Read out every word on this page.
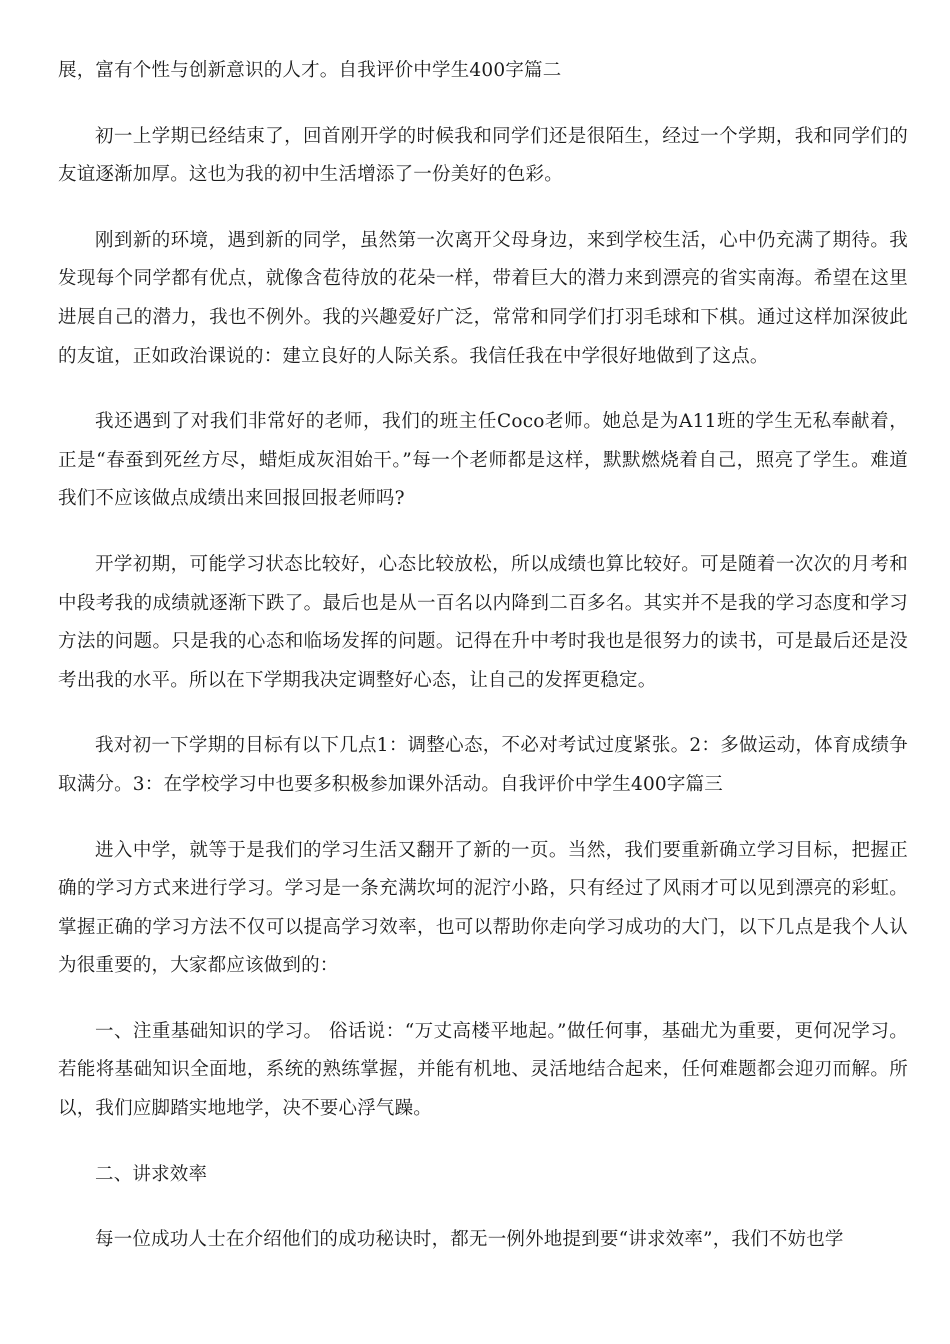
展，富有个性与创新意识的人才。自我评价中学生400字篇二

初一上学期已经结束了，回首刚开学的时候我和同学们还是很陌生，经过一个学期，我和同学们的友谊逐渐加厚。这也为我的初中生活增添了一份美好的色彩。

刚到新的环境，遇到新的同学，虽然第一次离开父母身边，来到学校生活，心中仍充满了期待。我发现每个同学都有优点，就像含苞待放的花朵一样，带着巨大的潜力来到漂亮的省实南海。希望在这里进展自己的潜力，我也不例外。我的兴趣爱好广泛，常常和同学们打羽毛球和下棋。通过这样加深彼此的友谊，正如政治课说的：建立良好的人际关系。我信任我在中学很好地做到了这点。

我还遇到了对我们非常好的老师，我们的班主任Coco老师。她总是为A11班的学生无私奉献着，正是“春蚕到死丝方尽，蜡炬成灰泪始干。”每一个老师都是这样，默默燃烧着自己，照亮了学生。难道我们不应该做点成绩出来回报回报老师吗?

开学初期，可能学习状态比较好，心态比较放松，所以成绩也算比较好。可是随着一次次的月考和中段考我的成绩就逐渐下跌了。最后也是从一百名以内降到二百多名。其实并不是我的学习态度和学习方法的问题。只是我的心态和临场发挥的问题。记得在升中考时我也是很努力的读书，可是最后还是没考出我的水平。所以在下学期我决定调整好心态，让自己的发挥更稳定。

我对初一下学期的目标有以下几点1：调整心态，不必对考试过度紧张。2：多做运动，体育成绩争取满分。3：在学校学习中也要多积极参加课外活动。自我评价中学生400字篇三

进入中学，就等于是我们的学习生活又翻开了新的一页。当然，我们要重新确立学习目标，把握正确的学习方式来进行学习。学习是一条充满坎坷的泥泞小路，只有经过了风雨才可以见到漂亮的彩虹。掌握正确的学习方法不仅可以提高学习效率，也可以帮助你走向学习成功的大门，以下几点是我个人认为很重要的，大家都应该做到的：

一、注重基础知识的学习。 俗话说：“万丈高楼平地起。”做任何事，基础尤为重要，更何况学习。若能将基础知识全面地，系统的熟练掌握，并能有机地、灵活地结合起来，任何难题都会迎刃而解。所以，我们应脚踏实地地学，决不要心浮气躁。

二、讲求效率

每一位成功人士在介绍他们的成功秘诀时，都无一例外地提到要“讲求效率”，我们不妨也学
